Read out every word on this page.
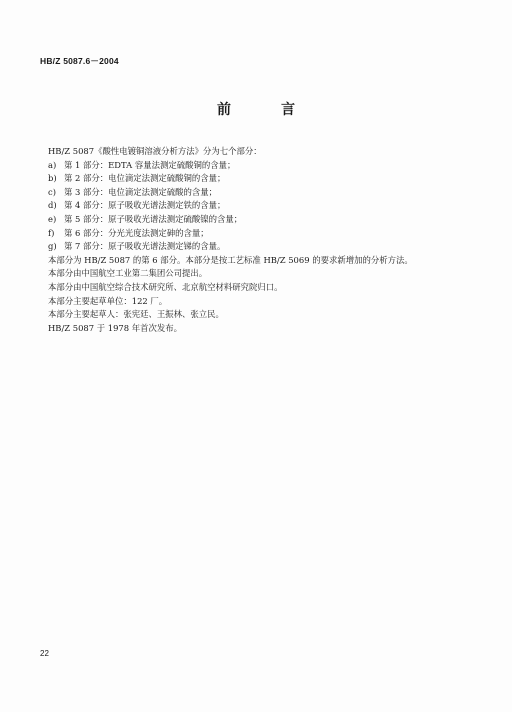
HB/Z 5087.6－2004
前　言
HB/Z 5087《酸性电镀铜溶液分析方法》分为七个部分：
a) 第 1 部分：EDTA 容量法测定硫酸铜的含量；
b) 第 2 部分：电位滴定法测定硫酸铜的含量；
c) 第 3 部分：电位滴定法测定硫酸的含量；
d) 第 4 部分：原子吸收光谱法测定铁的含量；
e) 第 5 部分：原子吸收光谱法测定硫酸镍的含量；
f)	第 6 部分：分光光度法测定砷的含量；
g) 第 7 部分：原子吸收光谱法测定锑的含量。
本部分为 HB/Z 5087 的第 6 部分。本部分是按工艺标准 HB/Z 5069 的要求新增加的分析方法。
本部分由中国航空工业第二集团公司提出。
本部分由中国航空综合技术研究所、北京航空材料研究院归口。
本部分主要起草单位：122 厂。
本部分主要起草人：张宪廷、王振林、张立民。
HB/Z 5087 于 1978 年首次发布。
22
